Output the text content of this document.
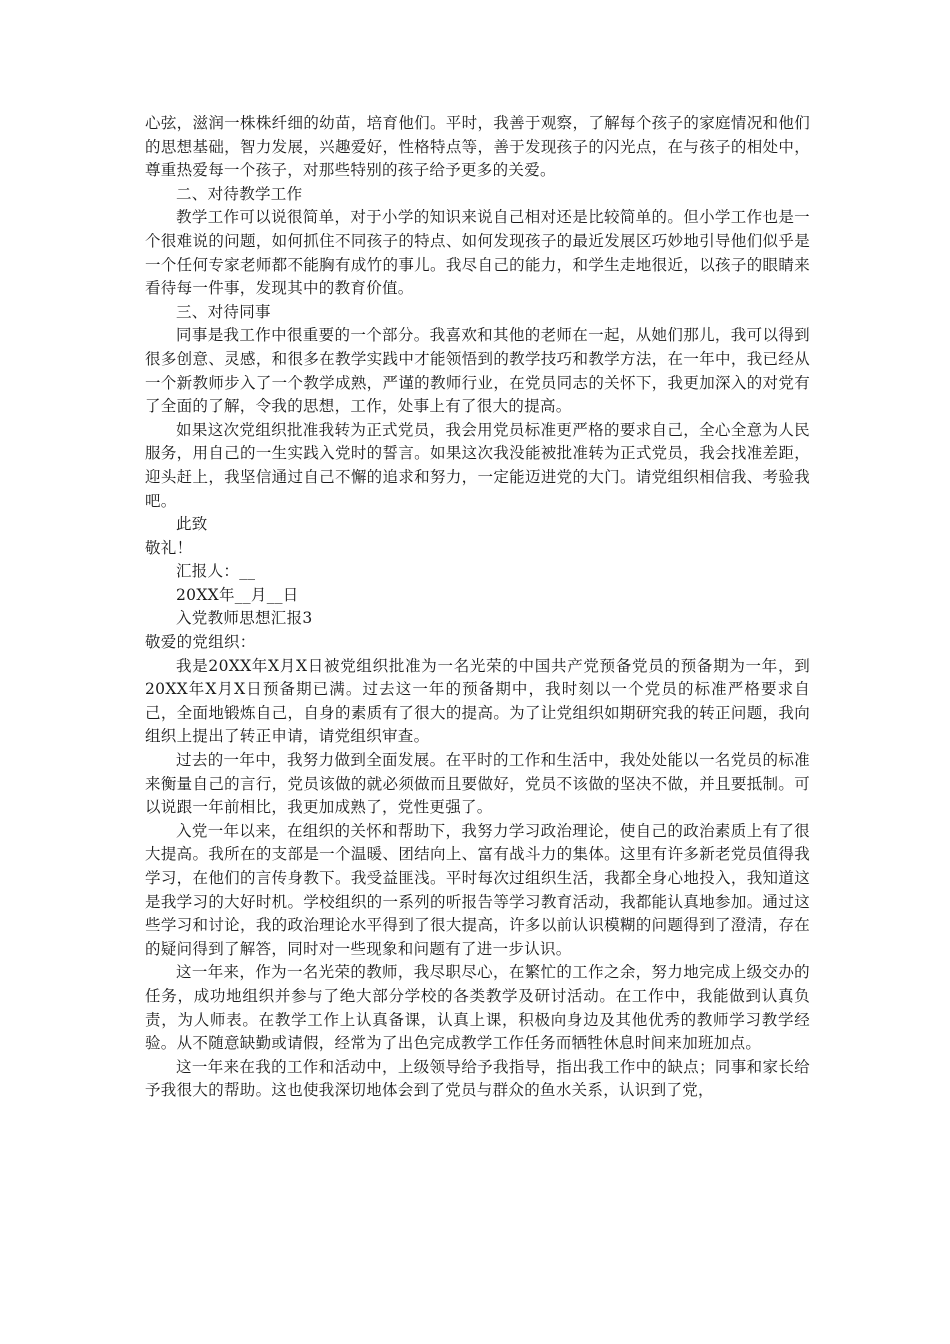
心弦，滋润一株株纤细的幼苗，培育他们。平时，我善于观察，了解每个孩子的家庭情况和他们的思想基础，智力发展，兴趣爱好，性格特点等，善于发现孩子的闪光点，在与孩子的相处中，尊重热爱每一个孩子，对那些特别的孩子给予更多的关爱。

二、对待教学工作

教学工作可以说很简单，对于小学的知识来说自己相对还是比较简单的。但小学工作也是一个很难说的问题，如何抓住不同孩子的特点、如何发现孩子的最近发展区巧妙地引导他们似乎是一个任何专家老师都不能胸有成竹的事儿。我尽自己的能力，和学生走地很近，以孩子的眼睛来看待每一件事，发现其中的教育价值。

三、对待同事

同事是我工作中很重要的一个部分。我喜欢和其他的老师在一起，从她们那儿，我可以得到很多创意、灵感，和很多在教学实践中才能领悟到的教学技巧和教学方法，在一年中，我已经从一个新教师步入了一个教学成熟，严谨的教师行业，在党员同志的关怀下，我更加深入的对党有了全面的了解，令我的思想，工作，处事上有了很大的提高。

如果这次党组织批准我转为正式党员，我会用党员标准更严格的要求自己，全心全意为人民服务，用自己的一生实践入党时的誓言。如果这次我没能被批准转为正式党员，我会找准差距，迎头赶上，我坚信通过自己不懈的追求和努力，一定能迈进党的大门。请党组织相信我、考验我吧。

此致

敬礼！

汇报人：__

20XX年__月__日

入党教师思想汇报3

敬爱的党组织：

我是20XX年X月X日被党组织批准为一名光荣的中国共产党预备党员的预备期为一年，到20XX年X月X日预备期已满。过去这一年的预备期中，我时刻以一个党员的标准严格要求自己，全面地锻炼自己，自身的素质有了很大的提高。为了让党组织如期研究我的转正问题，我向组织上提出了转正申请，请党组织审查。

过去的一年中，我努力做到全面发展。在平时的工作和生活中，我处处能以一名党员的标准来衡量自己的言行，党员该做的就必须做而且要做好，党员不该做的坚决不做，并且要抵制。可以说跟一年前相比，我更加成熟了，党性更强了。

入党一年以来，在组织的关怀和帮助下，我努力学习政治理论，使自己的政治素质上有了很大提高。我所在的支部是一个温暖、团结向上、富有战斗力的集体。这里有许多新老党员值得我学习，在他们的言传身教下。我受益匪浅。平时每次过组织生活，我都全身心地投入，我知道这是我学习的大好时机。学校组织的一系列的听报告等学习教育活动，我都能认真地参加。通过这些学习和讨论，我的政治理论水平得到了很大提高，许多以前认识模糊的问题得到了澄清，存在的疑问得到了解答，同时对一些现象和问题有了进一步认识。

这一年来，作为一名光荣的教师，我尽职尽心，在繁忙的工作之余，努力地完成上级交办的任务，成功地组织并参与了绝大部分学校的各类教学及研讨活动。在工作中，我能做到认真负责，为人师表。在教学工作上认真备课，认真上课，积极向身边及其他优秀的教师学习教学经验。从不随意缺勤或请假，经常为了出色完成教学工作任务而牺牲休息时间来加班加点。

这一年来在我的工作和活动中，上级领导给予我指导，指出我工作中的缺点；同事和家长给予我很大的帮助。这也使我深切地体会到了党员与群众的鱼水关系，认识到了党，
